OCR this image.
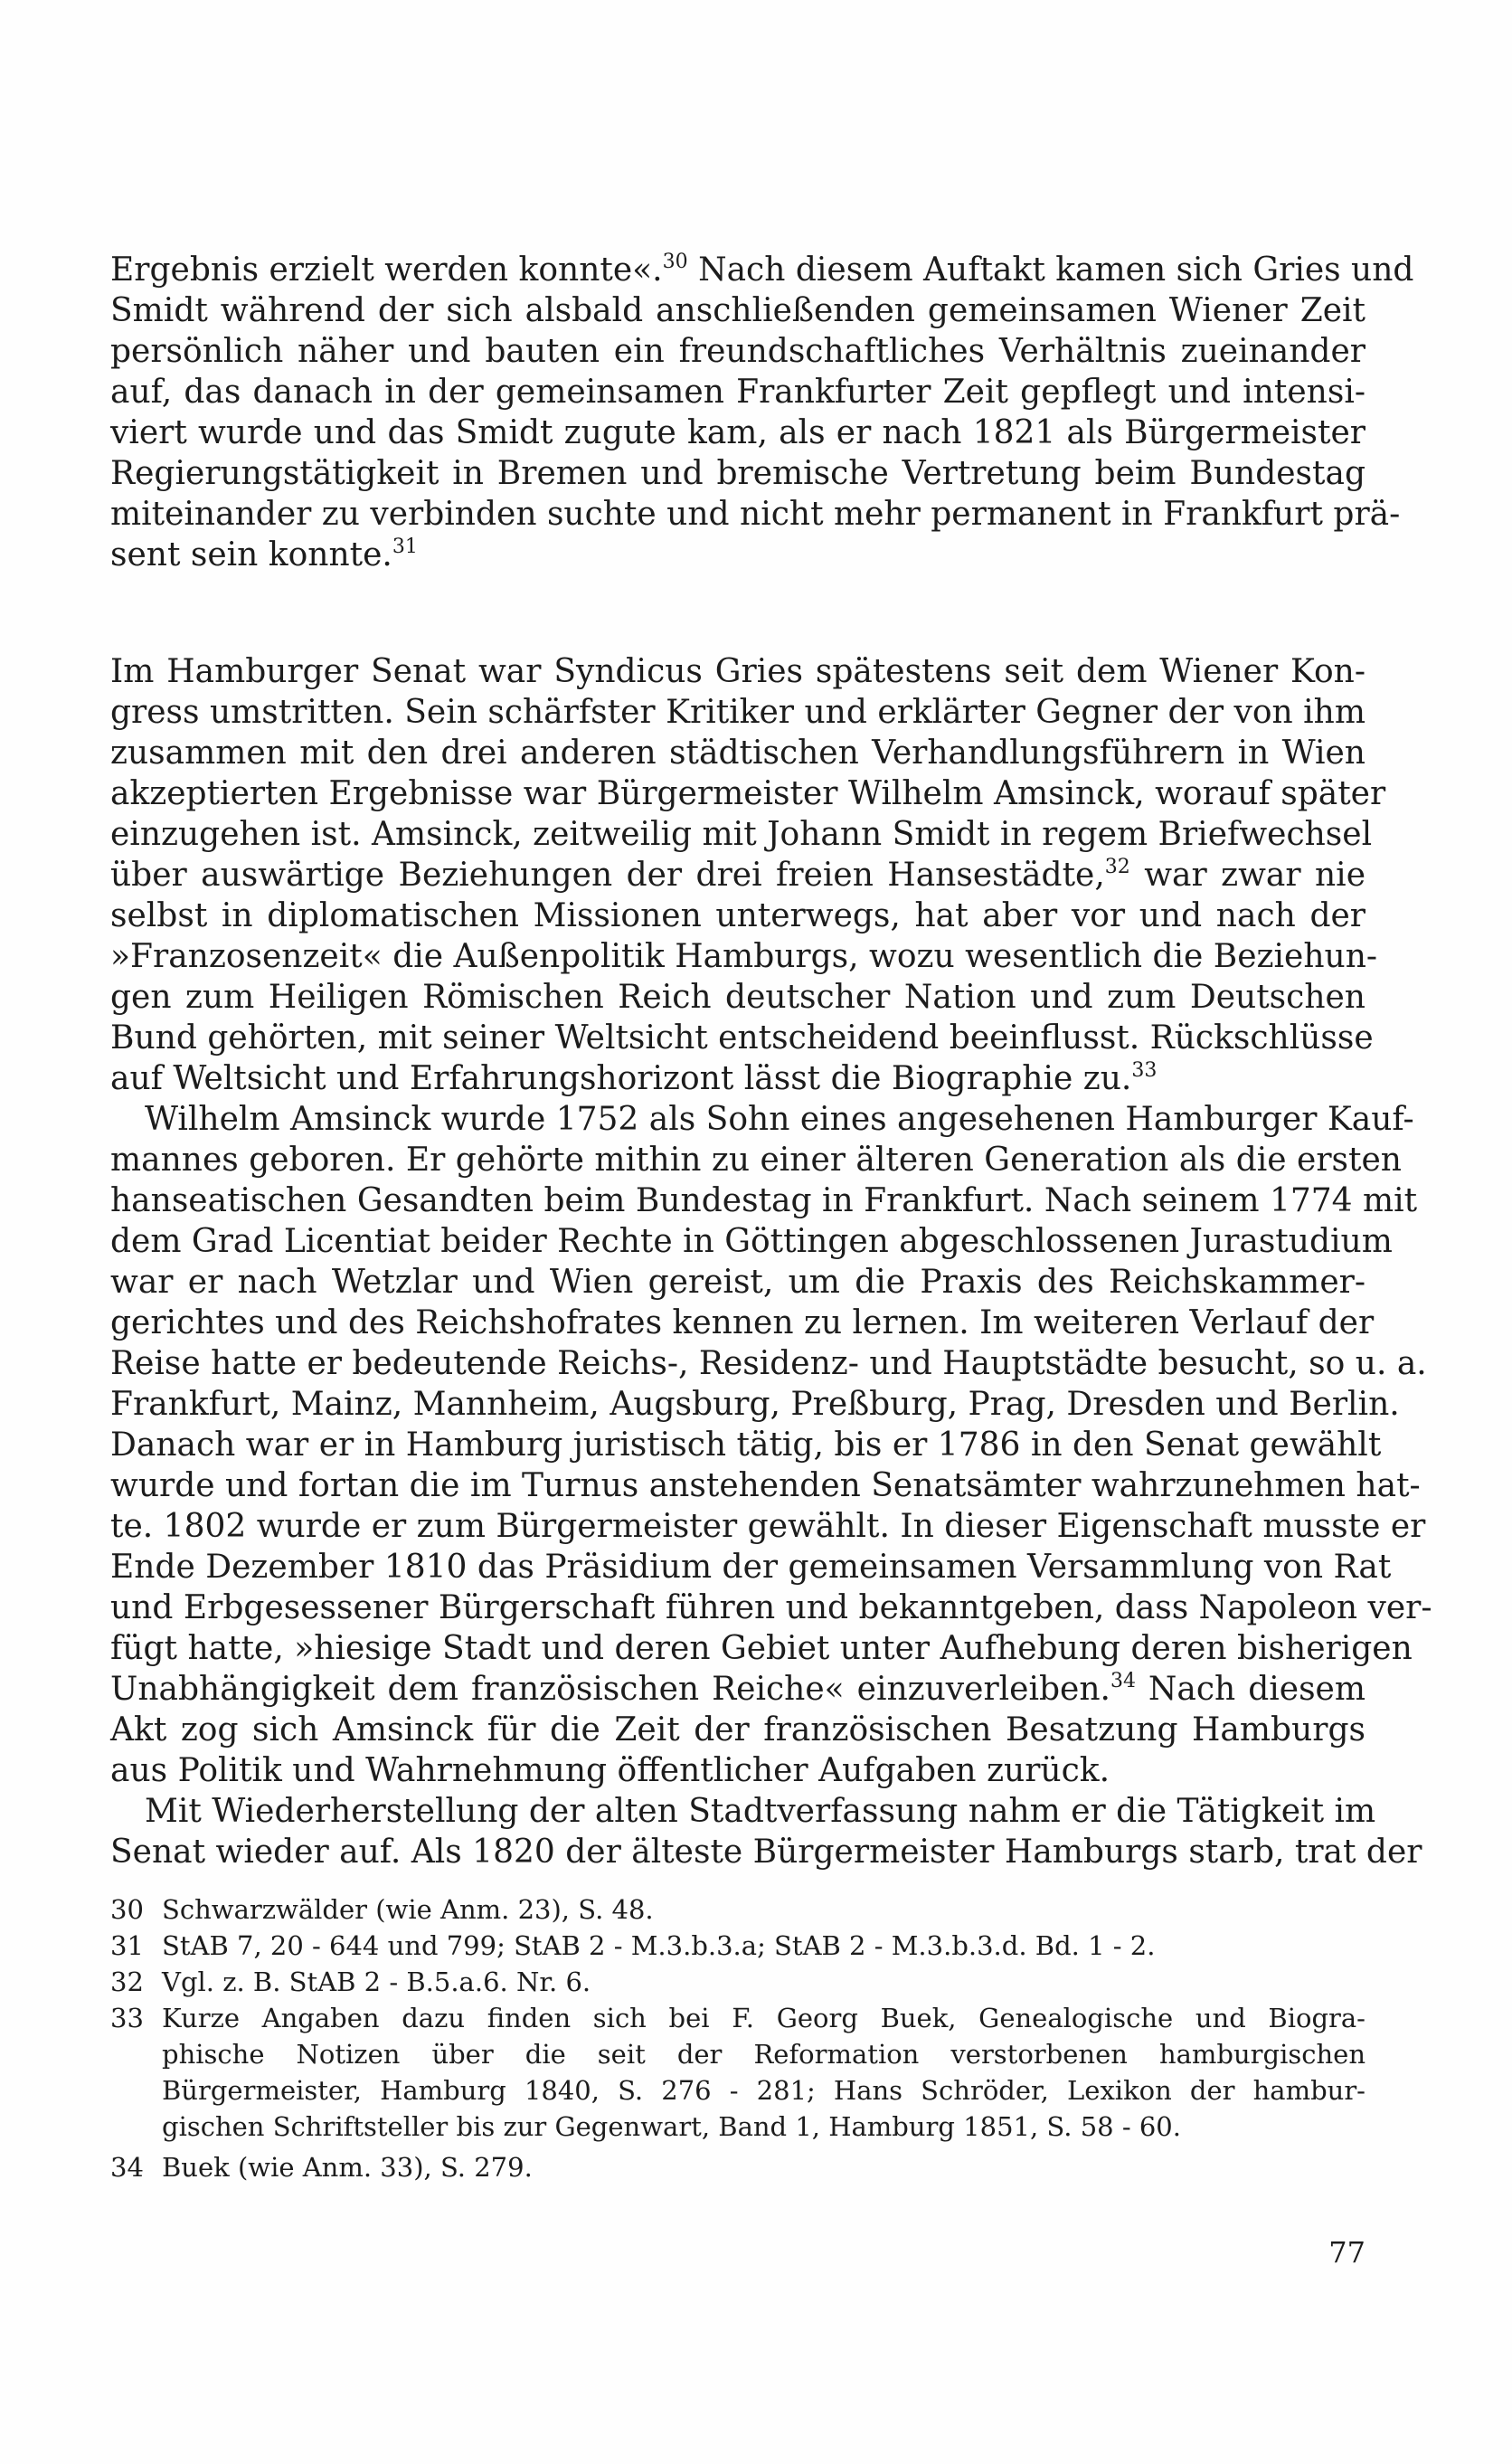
Ergebnis erzielt werden konnte«.$^{30}$ Nach diesem Auftakt kamen sich Gries und
Smidt während der sich alsbald anschließenden gemeinsamen Wiener Zeit
persönlich näher und bauten ein freundschaftliches Verhältnis zueinander
auf, das danach in der gemeinsamen Frankfurter Zeit gepflegt und intensi-
viert wurde und das Smidt zugute kam, als er nach 1821 als Bürgermeister
Regierungstätigkeit in Bremen und bremische Vertretung beim Bundestag
miteinander zu verbinden suchte und nicht mehr permanent in Frankfurt prä-
sent sein konnte.$^{31}$
Im Hamburger Senat war Syndicus Gries spätestens seit dem Wiener Kon-
gress umstritten. Sein schärfster Kritiker und erklärter Gegner der von ihm
zusammen mit den drei anderen städtischen Verhandlungsführern in Wien
akzeptierten Ergebnisse war Bürgermeister Wilhelm Amsinck, worauf später
einzugehen ist. Amsinck, zeitweilig mit Johann Smidt in regem Briefwechsel
über auswärtige Beziehungen der drei freien Hansestädte,$^{32}$ war zwar nie
selbst in diplomatischen Missionen unterwegs, hat aber vor und nach der
»Franzosenzeit« die Außenpolitik Hamburgs, wozu wesentlich die Beziehun-
gen zum Heiligen Römischen Reich deutscher Nation und zum Deutschen
Bund gehörten, mit seiner Weltsicht entscheidend beeinflusst. Rückschlüsse
auf Weltsicht und Erfahrungshorizont lässt die Biographie zu.$^{33}$
Wilhelm Amsinck wurde 1752 als Sohn eines angesehenen Hamburger Kauf-
mannes geboren. Er gehörte mithin zu einer älteren Generation als die ersten
hanseatischen Gesandten beim Bundestag in Frankfurt. Nach seinem 1774 mit
dem Grad Licentiat beider Rechte in Göttingen abgeschlossenen Jurastudium
war er nach Wetzlar und Wien gereist, um die Praxis des Reichskammer-
gerichtes und des Reichshofrates kennen zu lernen. Im weiteren Verlauf der
Reise hatte er bedeutende Reichs-, Residenz- und Hauptstädte besucht, so u. a.
Frankfurt, Mainz, Mannheim, Augsburg, Preßburg, Prag, Dresden und Berlin.
Danach war er in Hamburg juristisch tätig, bis er 1786 in den Senat gewählt
wurde und fortan die im Turnus anstehenden Senatsämter wahrzunehmen hat-
te. 1802 wurde er zum Bürgermeister gewählt. In dieser Eigenschaft musste er
Ende Dezember 1810 das Präsidium der gemeinsamen Versammlung von Rat
und Erbgesessener Bürgerschaft führen und bekanntgeben, dass Napoleon ver-
fügt hatte, »hiesige Stadt und deren Gebiet unter Aufhebung deren bisherigen
Unabhängigkeit dem französischen Reiche« einzuverleiben.$^{34}$ Nach diesem
Akt zog sich Amsinck für die Zeit der französischen Besatzung Hamburgs
aus Politik und Wahrnehmung öffentlicher Aufgaben zurück.
Mit Wiederherstellung der alten Stadtverfassung nahm er die Tätigkeit im
Senat wieder auf. Als 1820 der älteste Bürgermeister Hamburgs starb, trat der
30 Schwarzwälder (wie Anm. 23), S. 48.
31 StAB 7, 20 - 644 und 799; StAB 2 - M.3.b.3.a; StAB 2 - M.3.b.3.d. Bd. 1 - 2.
32 Vgl. z. B. StAB 2 - B.5.a.6. Nr. 6.
33 Kurze Angaben dazu finden sich bei F. Georg Buek, Genealogische und Biogra-
phische Notizen über die seit der Reformation verstorbenen hamburgischen
Bürgermeister, Hamburg 1840, S. 276 - 281; Hans Schröder, Lexikon der hambur-
gischen Schriftsteller bis zur Gegenwart, Band 1, Hamburg 1851, S. 58 - 60.
34 Buek (wie Anm. 33), S. 279.
77
